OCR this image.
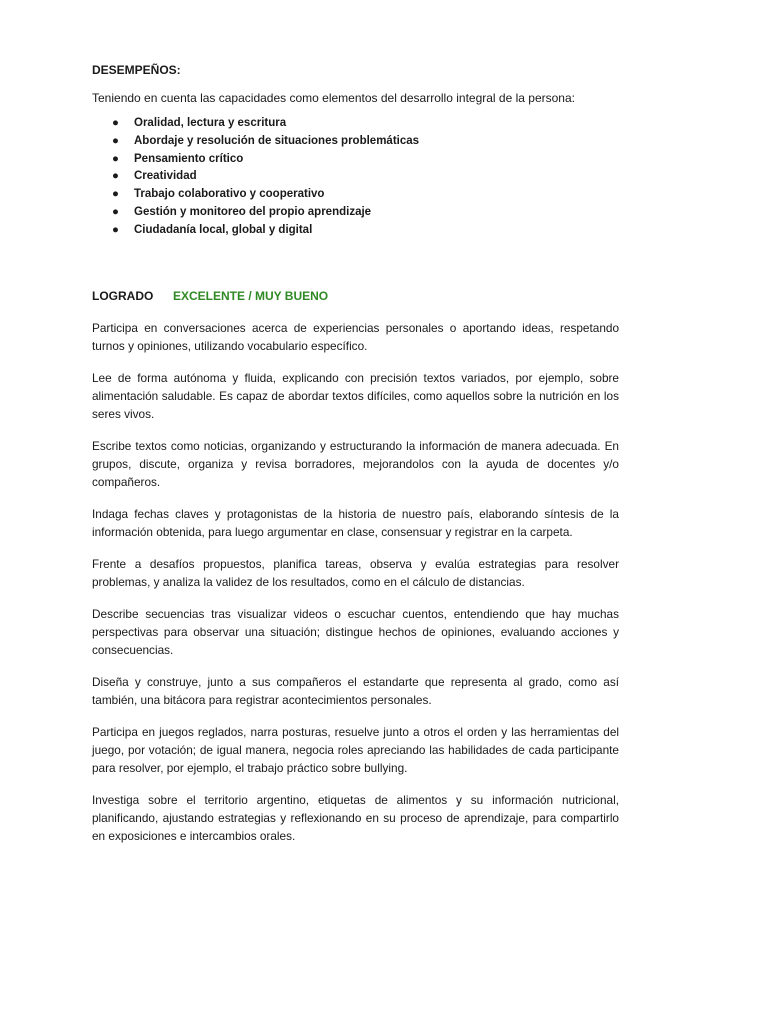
DESEMPEÑOS:
Teniendo en cuenta las capacidades como elementos del desarrollo integral de la persona:
● Oralidad, lectura y escritura
● Abordaje y resolución de situaciones problemáticas
● Pensamiento crítico
● Creatividad
● Trabajo colaborativo y cooperativo
● Gestión y monitoreo del propio aprendizaje
● Ciudadanía local, global y digital
LOGRADO EXCELENTE / MUY BUENO

Participa en conversaciones acerca de experiencias personales o aportando ideas, respetando turnos y opiniones, utilizando vocabulario específico.

Lee de forma autónoma y fluida, explicando con precisión textos variados, por ejemplo, sobre alimentación saludable. Es capaz de abordar textos difíciles, como aquellos sobre la nutrición en los seres vivos.

Escribe textos como noticias, organizando y estructurando la información de manera adecuada. En grupos, discute, organiza y revisa borradores, mejorandolos con la ayuda de docentes y/o compañeros.

Indaga fechas claves y protagonistas de la historia de nuestro país, elaborando síntesis de la información obtenida, para luego argumentar en clase, consensuar y registrar en la carpeta.

Frente a desafíos propuestos, planifica tareas, observa y evalúa estrategias para resolver problemas, y analiza la validez de los resultados, como en el cálculo de distancias.

Describe secuencias tras visualizar videos o escuchar cuentos, entendiendo que hay muchas perspectivas para observar una situación; distingue hechos de opiniones, evaluando acciones y consecuencias.

Diseña y construye, junto a sus compañeros el estandarte que representa al grado, como así también, una bitácora para registrar acontecimientos personales.

Participa en juegos reglados, narra posturas, resuelve junto a otros el orden y las herramientas del juego, por votación; de igual manera, negocia roles apreciando las habilidades de cada participante para resolver, por ejemplo, el trabajo práctico sobre bullying.

Investiga sobre el territorio argentino, etiquetas de alimentos y su información nutricional, planificando, ajustando estrategias y reflexionando en su proceso de aprendizaje, para compartirlo en exposiciones e intercambios orales.
